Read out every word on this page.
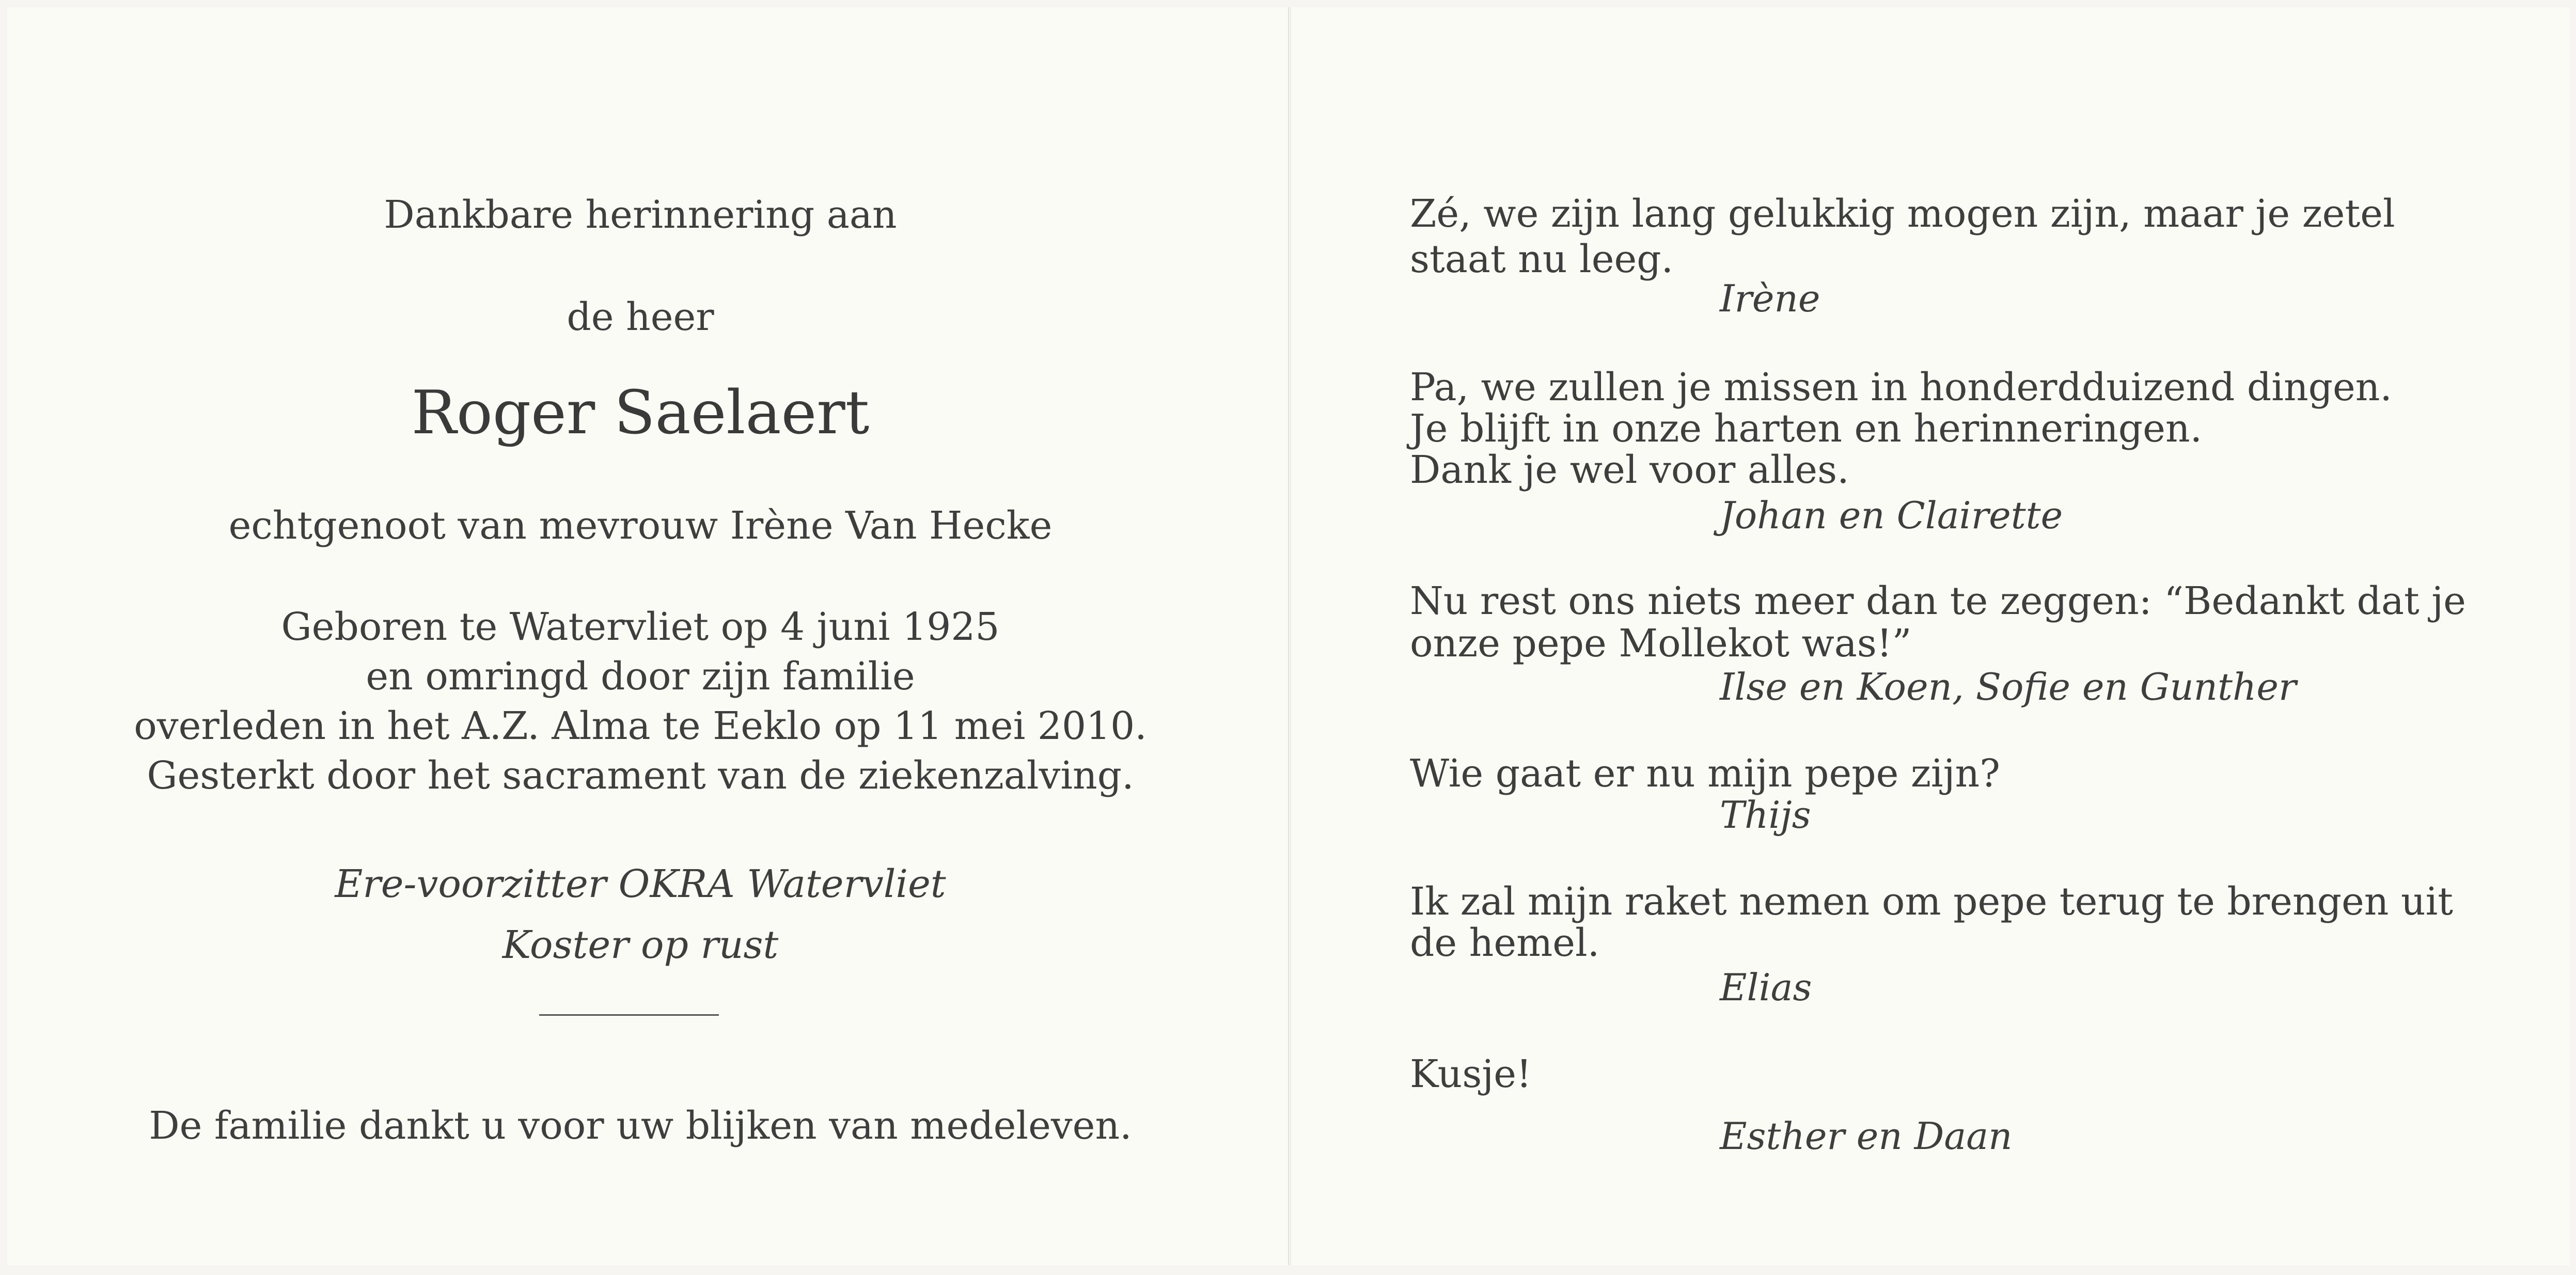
Dankbare herinnering aan
de heer
Roger Saelaert
echtgenoot van mevrouw Irène Van Hecke
Geboren te Watervliet op 4 juni 1925
en omringd door zijn familie
overleden in het A.Z. Alma te Eeklo op 11 mei 2010.
Gesterkt door het sacrament van de ziekenzalving.
Ere-voorzitter OKRA Watervliet
Koster op rust
De familie dankt u voor uw blijken van medeleven.
Zé, we zijn lang gelukkig mogen zijn, maar je zetel
staat nu leeg.
Irène
Pa, we zullen je missen in honderdduizend dingen.
Je blijft in onze harten en herinneringen.
Dank je wel voor alles.
Johan en Clairette
Nu rest ons niets meer dan te zeggen: “Bedankt dat je
onze pepe Mollekot was!”
Ilse en Koen, Sofie en Gunther
Wie gaat er nu mijn pepe zijn?
Thijs
Ik zal mijn raket nemen om pepe terug te brengen uit
de hemel.
Elias
Kusje!
Esther en Daan
